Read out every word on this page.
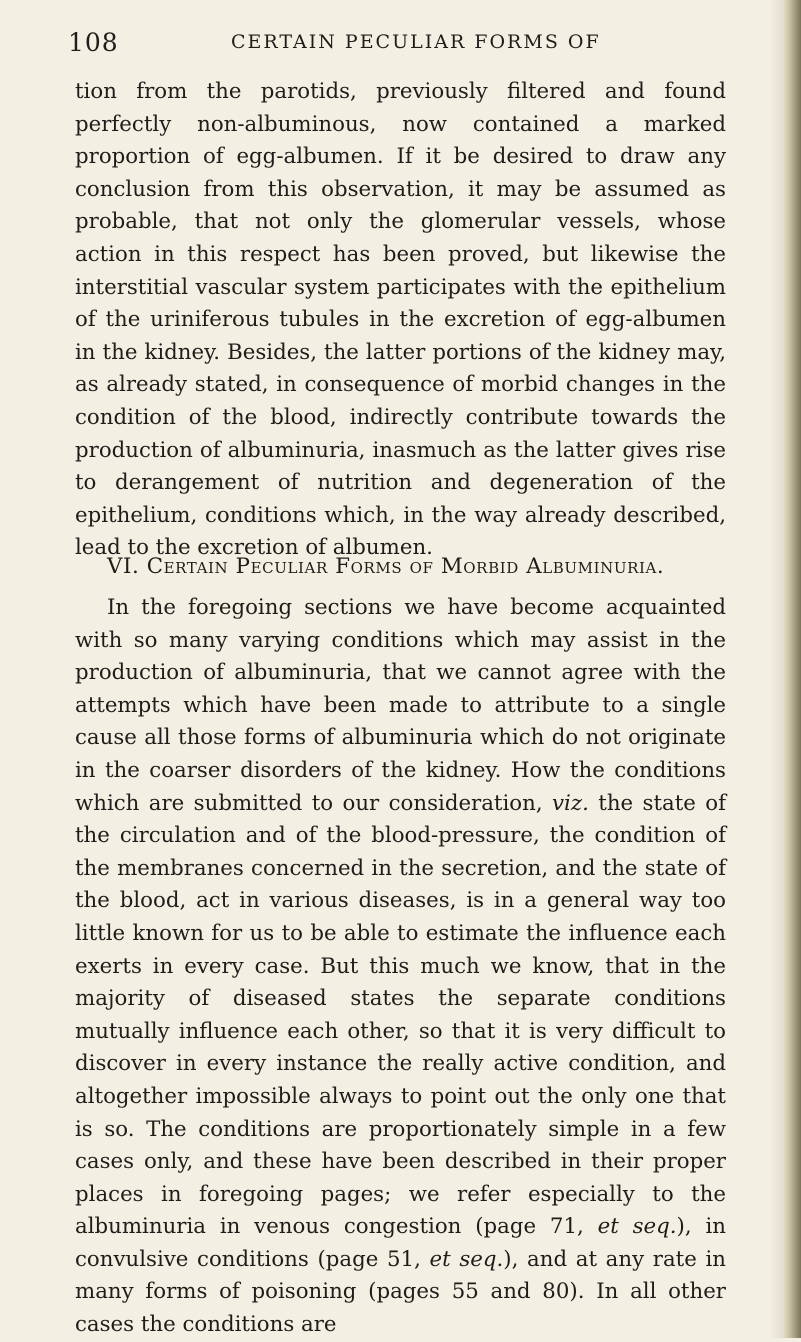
108	CERTAIN PECULIAR FORMS OF

tion from the parotids, previously filtered and found perfectly non-albuminous, now contained a marked proportion of egg-albumen. If it be desired to draw any conclusion from this observation, it may be assumed as probable, that not only the glomerular vessels, whose action in this respect has been proved, but likewise the interstitial vascular system participates with the epithelium of the uriniferous tubules in the excretion of egg-albumen in the kidney. Besides, the latter portions of the kidney may, as already stated, in consequence of morbid changes in the condition of the blood, indirectly contribute towards the production of albuminuria, inasmuch as the latter gives rise to derangement of nutrition and degeneration of the epithelium, conditions which, in the way already described, lead to the excretion of albumen.

VI. Certain Peculiar Forms of Morbid Albuminuria.

In the foregoing sections we have become acquainted with so many varying conditions which may assist in the production of albuminuria, that we cannot agree with the attempts which have been made to attribute to a single cause all those forms of albuminuria which do not originate in the coarser disorders of the kidney. How the conditions which are submitted to our consideration, viz. the state of the circulation and of the blood-pressure, the condition of the membranes concerned in the secretion, and the state of the blood, act in various diseases, is in a general way too little known for us to be able to estimate the influence each exerts in every case. But this much we know, that in the majority of diseased states the separate conditions mutually influence each other, so that it is very difficult to discover in every instance the really active condition, and altogether impossible always to point out the only one that is so. The conditions are proportionately simple in a few cases only, and these have been described in their proper places in foregoing pages; we refer especially to the albuminuria in venous congestion (page 71, et seq.), in convulsive conditions (page 51, et seq.), and at any rate in many forms of poisoning (pages 55 and 80). In all other cases the conditions are
